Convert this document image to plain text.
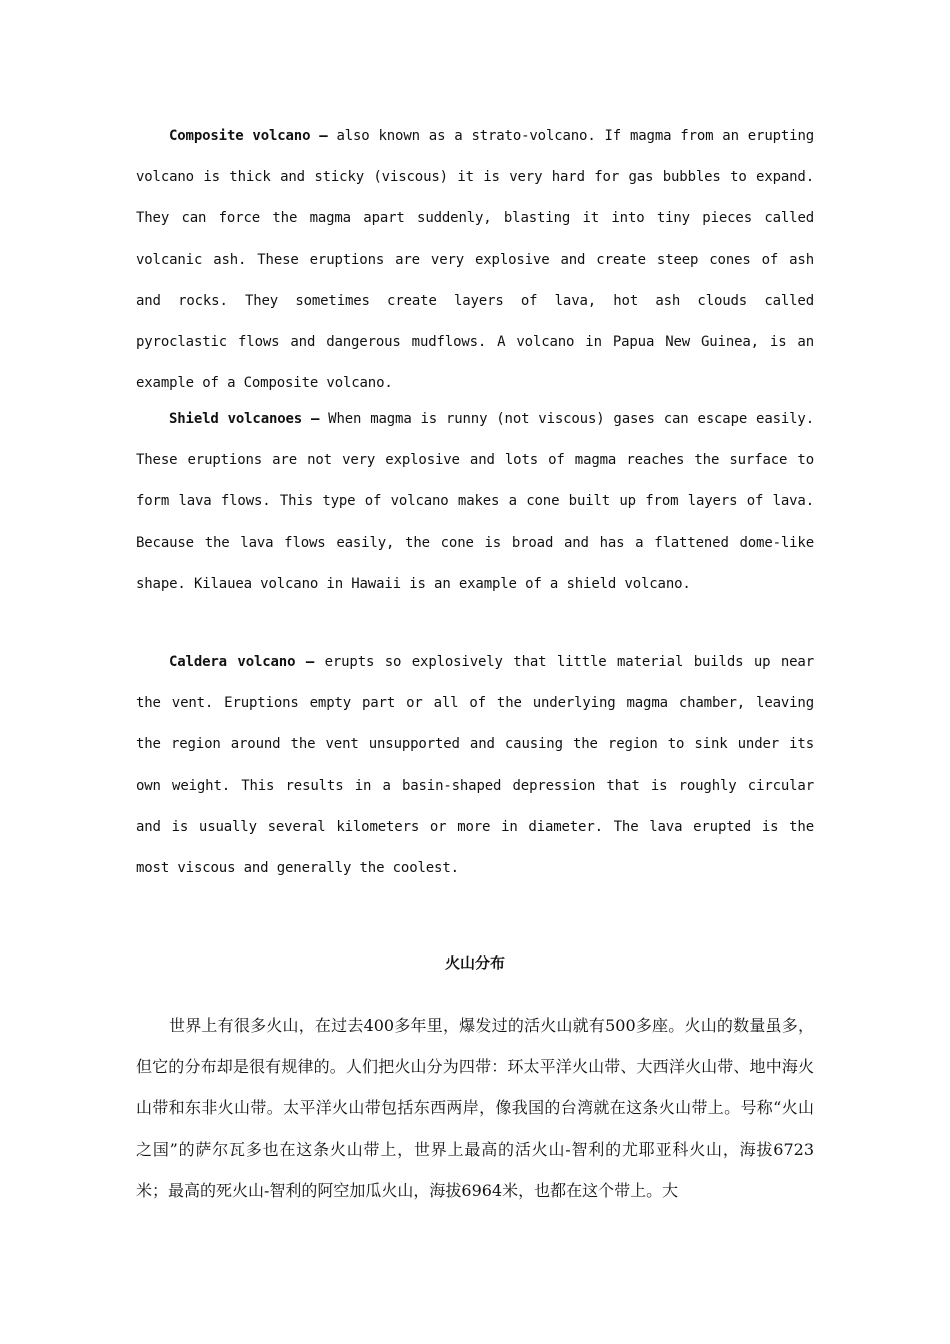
Composite volcano – also known as a strato-volcano. If magma from an erupting volcano is thick and sticky (viscous) it is very hard for gas bubbles to expand. They can force the magma apart suddenly, blasting it into tiny pieces called volcanic ash. These eruptions are very explosive and create steep cones of ash and rocks. They sometimes create layers of lava, hot ash clouds called pyroclastic flows and dangerous mudflows. A volcano in Papua New Guinea, is an example of a Composite volcano.

Shield volcanoes – When magma is runny (not viscous) gases can escape easily. These eruptions are not very explosive and lots of magma reaches the surface to form lava flows. This type of volcano makes a cone built up from layers of lava. Because the lava flows easily, the cone is broad and has a flattened dome-like shape. Kilauea volcano in Hawaii is an example of a shield volcano.

Caldera volcano – erupts so explosively that little material builds up near the vent. Eruptions empty part or all of the underlying magma chamber, leaving the region around the vent unsupported and causing the region to sink under its own weight. This results in a basin-shaped depression that is roughly circular and is usually several kilometers or more in diameter. The lava erupted is the most viscous and generally the coolest.

火山分布

世界上有很多火山，在过去400多年里，爆发过的活火山就有500多座。火山的数量虽多，但它的分布却是很有规律的。人们把火山分为四带：环太平洋火山带、大西洋火山带、地中海火山带和东非火山带。太平洋火山带包括东西两岸，像我国的台湾就在这条火山带上。号称“火山之国”的萨尔瓦多也在这条火山带上，世界上最高的活火山-智利的尤耶亚科火山，海拔6723米；最高的死火山-智利的阿空加瓜火山，海拔6964米，也都在这个带上。大
